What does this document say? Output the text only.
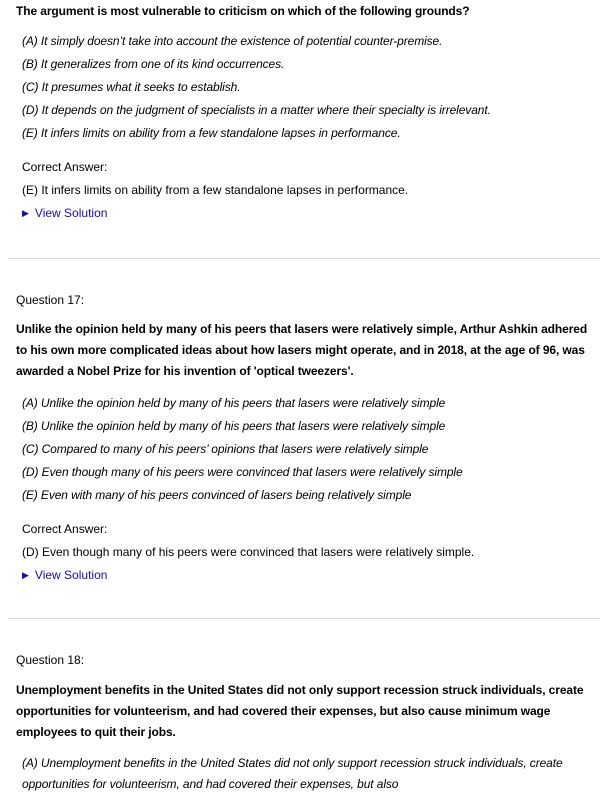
The argument is most vulnerable to criticism on which of the following grounds?
(A) It simply doesn’t take into account the existence of potential counter-premise.
(B) It generalizes from one of its kind occurrences.
(C) It presumes what it seeks to establish.
(D) It depends on the judgment of specialists in a matter where their specialty is irrelevant.
(E) It infers limits on ability from a few standalone lapses in performance.
Correct Answer:
(E) It infers limits on ability from a few standalone lapses in performance.
▶ View Solution
Question 17:
Unlike the opinion held by many of his peers that lasers were relatively simple, Arthur Ashkin adhered to his own more complicated ideas about how lasers might operate, and in 2018, at the age of 96, was awarded a Nobel Prize for his invention of 'optical tweezers'.
(A) Unlike the opinion held by many of his peers that lasers were relatively simple
(B) Unlike the opinion held by many of his peers that lasers were relatively simple
(C) Compared to many of his peers’ opinions that lasers were relatively simple
(D) Even though many of his peers were convinced that lasers were relatively simple
(E) Even with many of his peers convinced of lasers being relatively simple
Correct Answer:
(D) Even though many of his peers were convinced that lasers were relatively simple.
▶ View Solution
Question 18:
Unemployment benefits in the United States did not only support recession struck individuals, create opportunities for volunteerism, and had covered their expenses, but also cause minimum wage employees to quit their jobs.
(A) Unemployment benefits in the United States did not only support recession struck individuals, create opportunities for volunteerism, and had covered their expenses, but also
